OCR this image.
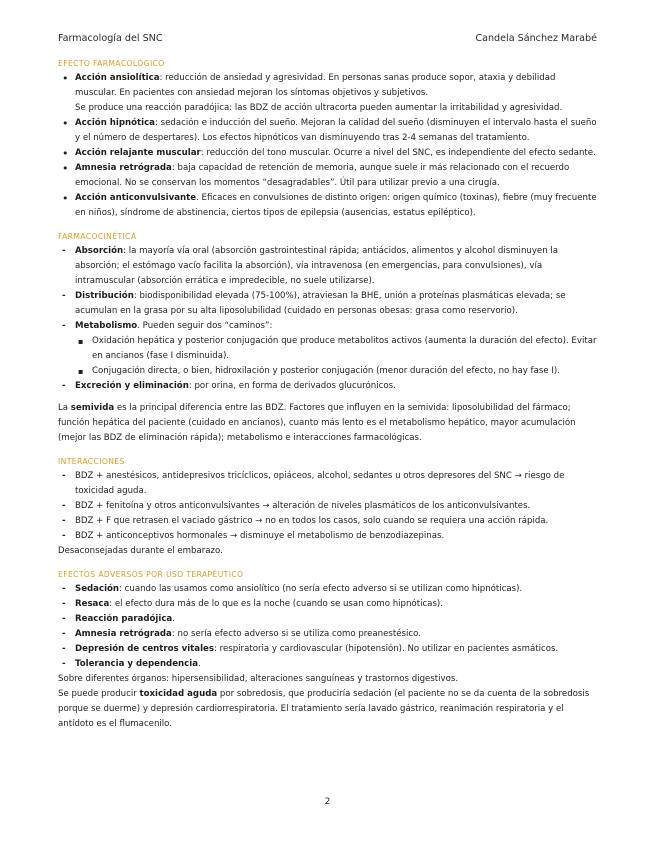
Farmacología del SNC	Candela Sánchez Marabé
EFECTO FARMACOLÓGICO
•
Acción ansiolítica: reducción de ansiedad y agresividad. En personas sanas produce sopor, ataxia y debilidad muscular. En pacientes con ansiedad mejoran los síntomas objetivos y subjetivos.
Se produce una reacción paradójica: las BDZ de acción ultracorta pueden aumentar la irritabilidad y agresividad.
•
Acción hipnótica: sedación e inducción del sueño. Mejoran la calidad del sueño (disminuyen el intervalo hasta el sueño y el número de despertares). Los efectos hipnóticos van disminuyendo tras 2-4 semanas del tratamiento.
•
Acción relajante muscular: reducción del tono muscular. Ocurre a nivel del SNC, es independiente del efecto sedante.
•
Amnesia retrógrada: baja capacidad de retención de memoria, aunque suele ir más relacionado con el recuerdo emocional. No se conservan los momentos “desagradables”. Útil para utilizar previo a una cirugía.
•
Acción anticonvulsivante. Eficaces en convulsiones de distinto origen: origen químico (toxinas), fiebre (muy frecuente en niños), síndrome de abstinencia, ciertos tipos de epilepsia (ausencias, estatus epiléptico).
FARMACOCINÉTICA
-
Absorción: la mayoría vía oral (absorción gastrointestinal rápida; antiácidos, alimentos y alcohol disminuyen la absorción; el estómago vacío facilita la absorción), vía intravenosa (en emergencias, para convulsiones), vía intramuscular (absorción errática e impredecible, no suele utilizarse).
-
Distribución: biodisponibilidad elevada (75-100%), atraviesan la BHE, unión a proteínas plasmáticas elevada; se acumulan en la grasa por su alta liposolubilidad (cuidado en personas obesas: grasa como reservorio).
-
Metabolismo. Pueden seguir dos “caminos”:
▪
Oxidación hepática y posterior conjugación que produce metabolitos activos (aumenta la duración del efecto). Evitar en ancianos (fase I disminuida).
▪
Conjugación directa, o bien, hidroxilación y posterior conjugación (menor duración del efecto, no hay fase I).
-
Excreción y eliminación: por orina, en forma de derivados glucurónicos.
La semivida es la principal diferencia entre las BDZ. Factores que influyen en la semivida: liposolubilidad del fármaco; función hepática del paciente (cuidado en ancianos), cuanto más lento es el metabolismo hepático, mayor acumulación (mejor las BDZ de eliminación rápida); metabolismo e interacciones farmacológicas.
INTERACCIONES
-
BDZ + anestésicos, antidepresivos tricíclicos, opiáceos, alcohol, sedantes u otros depresores del SNC → riesgo de toxicidad aguda.
-
BDZ + fenitoína y otros anticonvulsivantes → alteración de niveles plasmáticos de los anticonvulsivantes.
-
BDZ + F que retrasen el vaciado gástrico → no en todos los casos, solo cuando se requiera una acción rápida.
-
BDZ + anticonceptivos hormonales → disminuye el metabolismo de benzodiazepinas.
Desaconsejadas durante el embarazo.
EFECTOS ADVERSOS POR USO TERAPÉUTICO
-
Sedación: cuando las usamos como ansiolítico (no sería efecto adverso si se utilizan como hipnóticas).
-
Resaca: el efecto dura más de lo que es la noche (cuando se usan como hipnóticas).
-
Reacción paradójica.
-
Amnesia retrógrada: no sería efecto adverso si se utiliza como preanestésico.
-
Depresión de centros vitales: respiratoria y cardiovascular (hipotensión). No utilizar en pacientes asmáticos.
-
Tolerancia y dependencia.
Sobre diferentes órganos: hipersensibilidad, alteraciones sanguíneas y trastornos digestivos.
Se puede producir toxicidad aguda por sobredosis, que produciría sedación (el paciente no se da cuenta de la sobredosis porque se duerme) y depresión cardiorrespiratoria. El tratamiento sería lavado gástrico, reanimación respiratoria y el antídoto es el flumacenilo.
2
